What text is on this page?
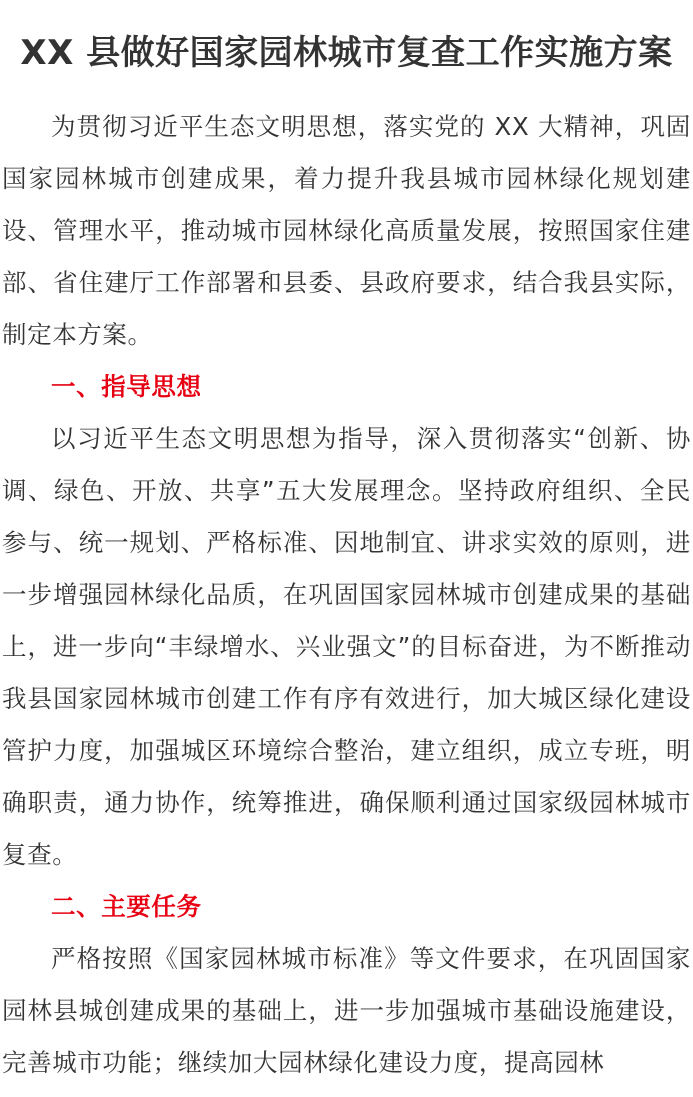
XX 县做好国家园林城市复查工作实施方案

为贯彻习近平生态文明思想，落实党的 XX 大精神，巩固国家园林城市创建成果，着力提升我县城市园林绿化规划建设、管理水平，推动城市园林绿化高质量发展，按照国家住建部、省住建厅工作部署和县委、县政府要求，结合我县实际，制定本方案。

一、指导思想

以习近平生态文明思想为指导，深入贯彻落实“创新、协调、绿色、开放、共享”五大发展理念。坚持政府组织、全民参与、统一规划、严格标准、因地制宜、讲求实效的原则，进一步增强园林绿化品质，在巩固国家园林城市创建成果的基础上，进一步向“丰绿增水、兴业强文”的目标奋进，为不断推动我县国家园林城市创建工作有序有效进行，加大城区绿化建设管护力度，加强城区环境综合整治，建立组织，成立专班，明确职责，通力协作，统筹推进，确保顺利通过国家级园林城市复查。

二、主要任务

严格按照《国家园林城市标准》等文件要求，在巩固国家园林县城创建成果的基础上，进一步加强城市基础设施建设，完善城市功能；继续加大园林绿化建设力度，提高园林
